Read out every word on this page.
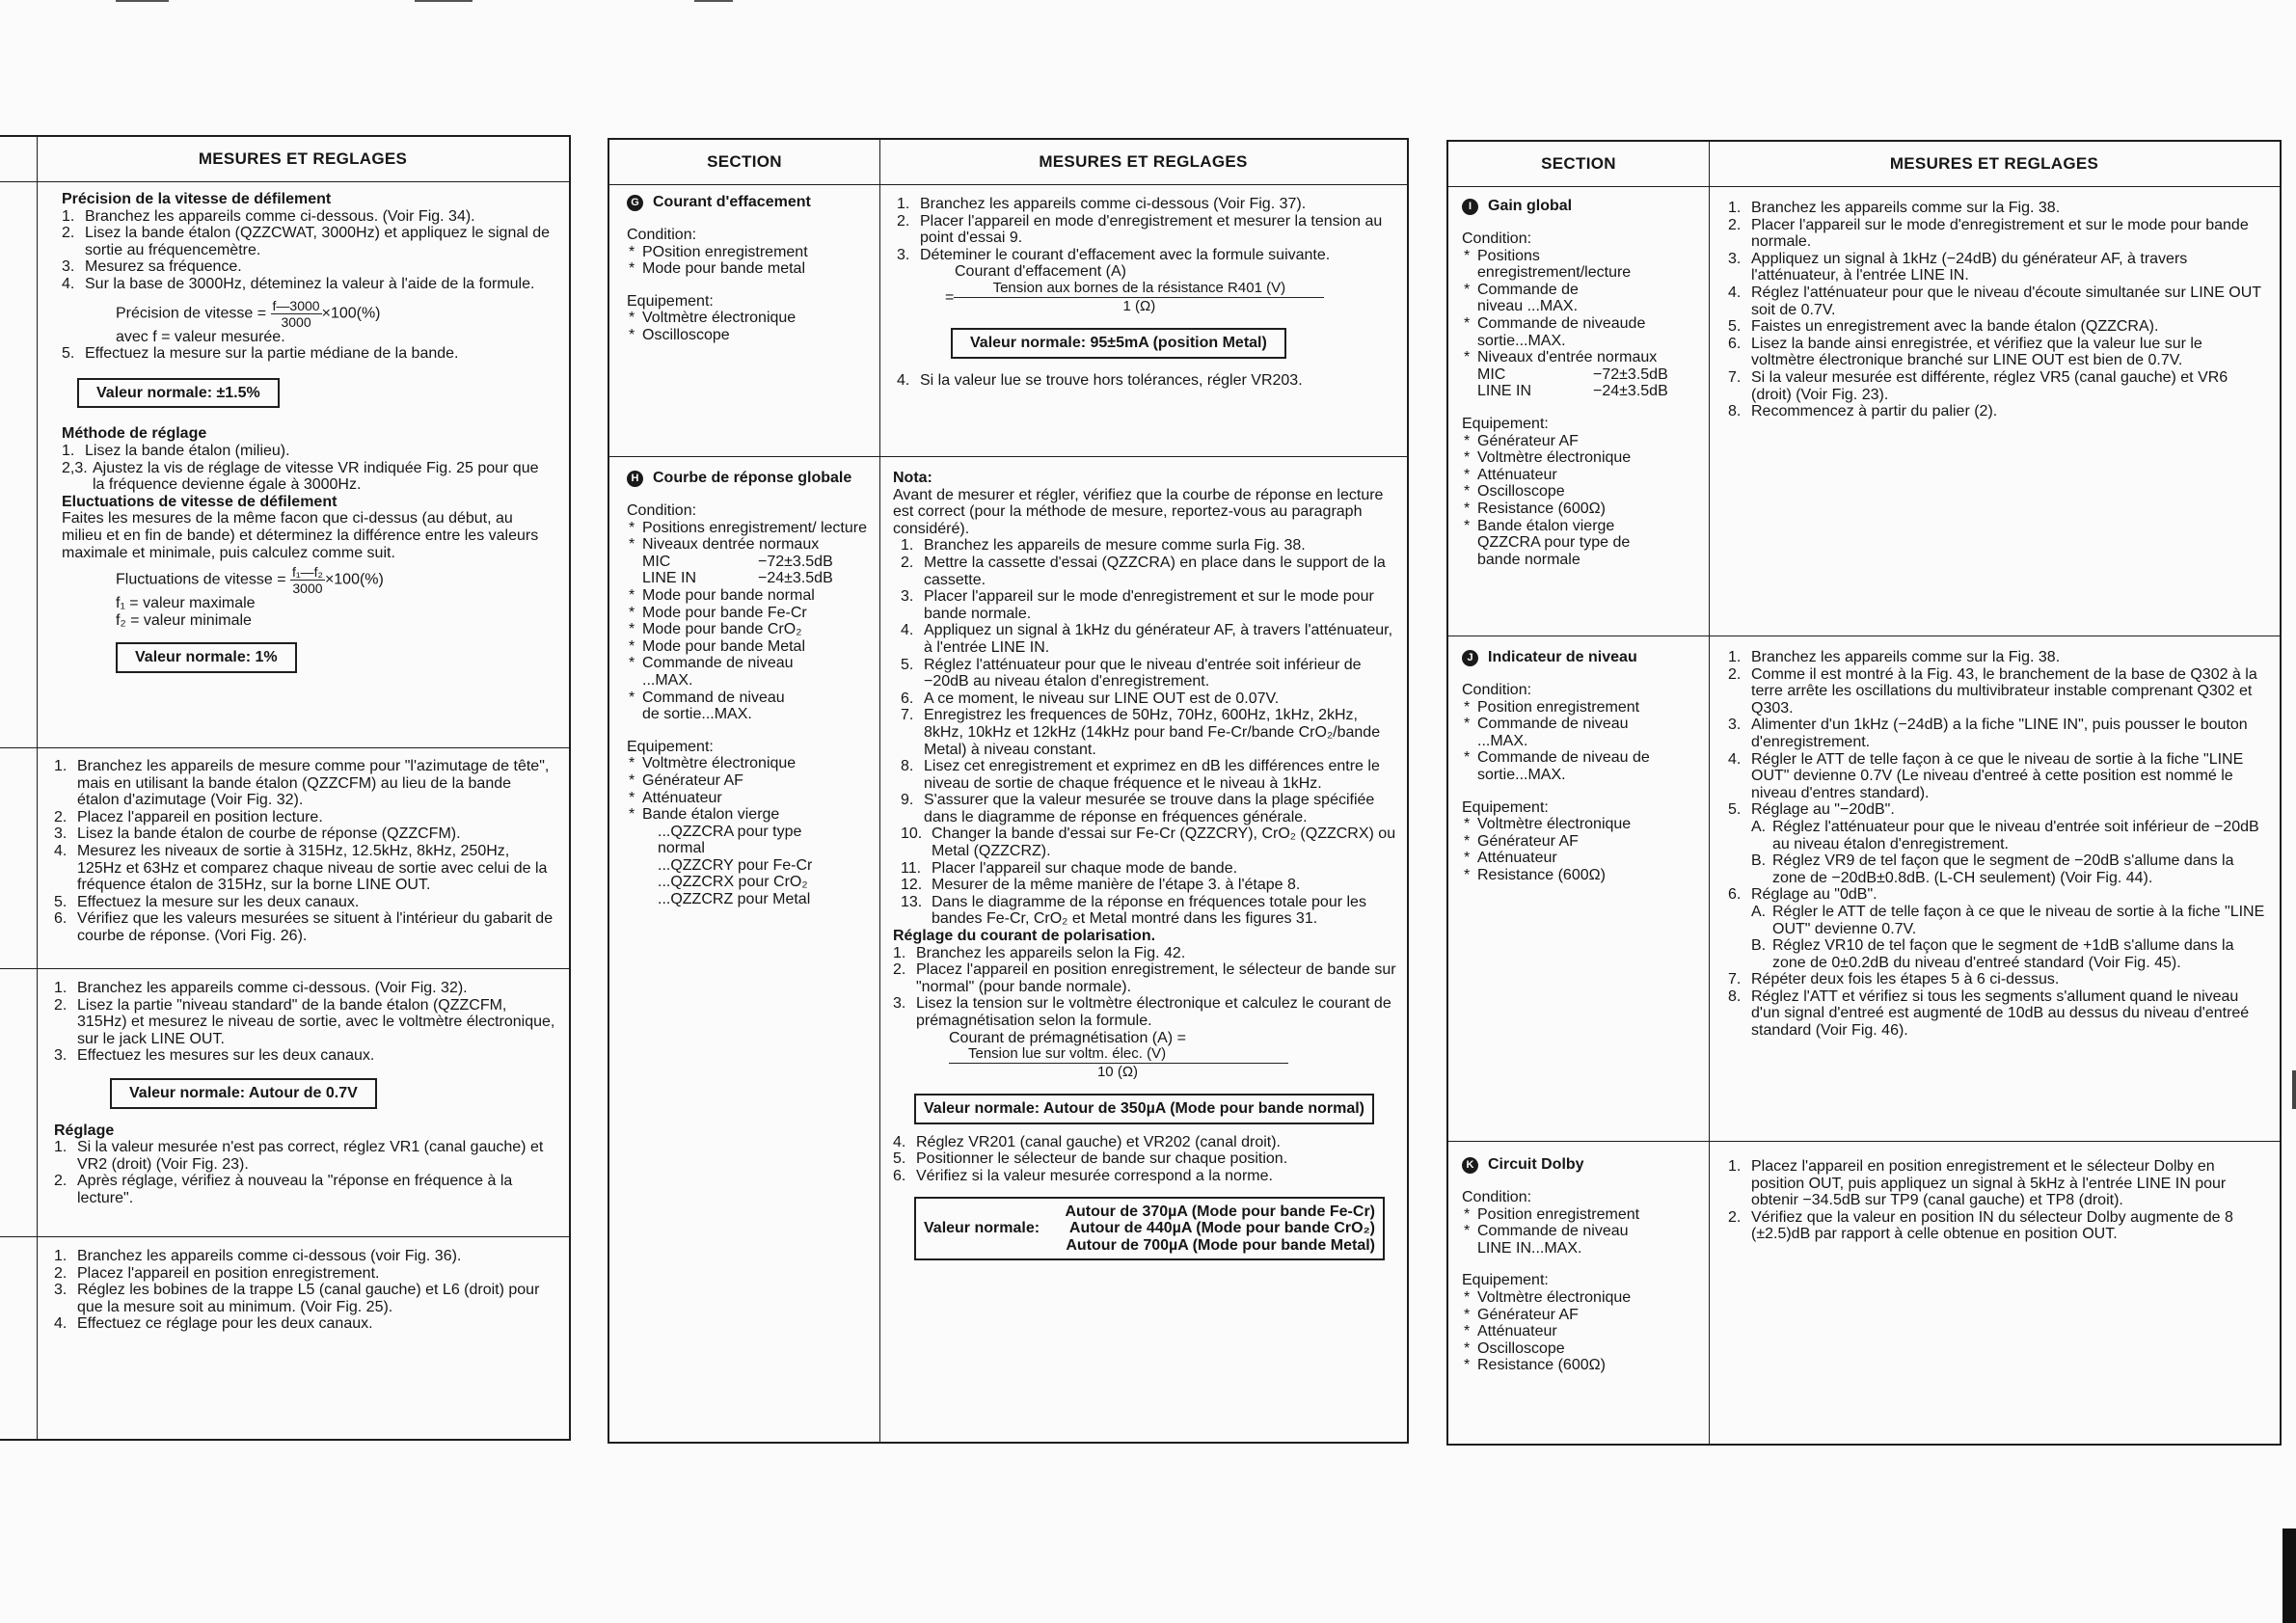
MESURES ET REGLAGES

Précision de la vitesse de défilement

1. Branchez les appareils comme ci-dessous. (Voir Fig. 34).
2. Lisez la bande étalon (QZZCWAT, 3000Hz) et appliquez le signal de sortie au fréquencemètre.
3. Mesurez sa fréquence.
4. Sur la base de 3000Hz, déteminez la valeur à l'aide de la formule.
Précision de vitesse = $\frac{f—3000}{3000} \times 100(\%)$

avec f = valeur mesurée.

5. Effectuez la mesure sur la partie médiane de la bande.
Valeur normale: ±1.5%

Méthode de réglage

1. Lisez la bande étalon (milieu).
2,3. Ajustez la vis de réglage de vitesse VR indiquée Fig. 25 pour que la fréquence devienne égale à 3000Hz.

Eluctuations de vitesse de défilement

Faites les mesures de la même facon que ci-dessus (au début, au milieu et en fin de bande) et déterminez la différence entre les valeurs maximale et minimale, puis calculez comme suit.

Fluctuations de vitesse = $\frac{\text{f₁—f₂}}{3000} \times 100(\%)$

f₁ = valeur maximale

f₂ = valeur minimale

Valeur normale: 1%
1. Branchez les appareils de mesure comme pour "l'azimutage de tête", mais en utilisant la bande étalon (QZZCFM) au lieu de la bande étalon d'azimutage (Voir Fig. 32).
2. Placez l'appareil en position lecture.
3. Lisez la bande étalon de courbe de réponse (QZZCFM).
4. Mesurez les niveaux de sortie à 315Hz, 12.5kHz, 8kHz, 250Hz, 125Hz et 63Hz et comparez chaque niveau de sortie avec celui de la fréquence étalon de 315Hz, sur la borne LINE OUT.
5. Effectuez la mesure sur les deux canaux.
6. Vérifiez que les valeurs mesurées se situent à l'intérieur du gabarit de courbe de réponse. (Vori Fig. 26).
1. Branchez les appareils comme ci-dessous. (Voir Fig. 32).
2. Lisez la partie "niveau standard" de la bande étalon (QZZCFM, 315Hz) et mesurez le niveau de sortie, avec le voltmètre électronique, sur le jack LINE OUT.
3. Effectuez les mesures sur les deux canaux.
Valeur normale: Autour de 0.7V

Réglage

1. Si la valeur mesurée n'est pas correct, réglez VR1 (canal gauche) et VR2 (droit) (Voir Fig. 23).
2. Après réglage, vérifiez à nouveau la "réponse en fréquence à la lecture".
1. Branchez les appareils comme ci-dessous (voir Fig. 36).
2. Placez l'appareil en position enregistrement.
3. Réglez les bobines de la trappe L5 (canal gauche) et L6 (droit) pour que la mesure soit au minimum. (Voir Fig. 25).
4. Effectuez ce réglage pour les deux canaux.
SECTION	MESURES ET REGLAGES
G Courant d'effacement

Condition:

* POsition enregistrement
* Mode pour bande metal

Equipement:

* Voltmètre électronique
* Oscilloscope
1. Branchez les appareils comme ci-dessous (Voir Fig. 37).
2. Placer l'appareil en mode d'enregistrement et mesurer la tension au point d'essai 9.
3. Déteminer le courant d'effacement avec la formule suivante.

Courant d'effacement (A)

= $\frac{\text{Tension aux bornes de la résistance R401 (V)}}{1 (\Omega)}$
Valeur normale: 95±5mA (position Metal)
4. Si la valeur lue se trouve hors tolérances, régler VR203.
H Courbe de réponse globale

Condition:

* Positions enregistrement/ lecture
* Niveaux dentrée normaux
MIC	−72±3.5dB
LINE IN	−24±3.5dB
* Mode pour bande normal
* Mode pour bande Fe-Cr
* Mode pour bande CrO₂
* Mode pour bande Metal
* Commande de niveau ...MAX.
* Command de niveau de sortie...MAX.

Equipement:

* Voltmètre électronique
* Générateur AF
* Atténuateur
* Bande étalon vierge

...QZZCRA pour type normal

...QZZCRY pour Fe-Cr

...QZZCRX pour CrO₂

...QZZCRZ pour Metal

Nota:

Avant de mesurer et régler, vérifiez que la courbe de réponse en lecture est correct (pour la méthode de mesure, reportez-vous au paragraph considéré).

1. Branchez les appareils de mesure comme surla Fig. 38.
2. Mettre la cassette d'essai (QZZCRA) en place dans le support de la cassette.
3. Placer l'appareil sur le mode d'enregistrement et sur le mode pour bande normale.
4. Appliquez un signal à 1kHz du générateur AF, à travers l'atténuateur, à l'entrée LINE IN.
5. Réglez l'atténuateur pour que le niveau d'entrée soit inférieur de −20dB au niveau étalon d'enregistrement.
6. A ce moment, le niveau sur LINE OUT est de 0.07V.
7. Enregistrez les frequences de 50Hz, 70Hz, 600Hz, 1kHz, 2kHz, 8kHz, 10kHz et 12kHz (14kHz pour band Fe-Cr/bande CrO₂/bande Metal) à niveau constant.
8. Lisez cet enregistrement et exprimez en dB les différences entre le niveau de sortie de chaque fréquence et le niveau à 1kHz.
9. S'assurer que la valeur mesurée se trouve dans la plage spécifiée dans le diagramme de réponse en fréquences générale.
10. Changer la bande d'essai sur Fe-Cr (QZZCRY), CrO₂ (QZZCRX) ou Metal (QZZCRZ).
11. Placer l'appareil sur chaque mode de bande.
12. Mesurer de la même manière de l'étape 3. à l'étape 8.
13. Dans le diagramme de la réponse en fréquences totale pour les bandes Fe-Cr, CrO₂ et Metal montré dans les figures 31.

Réglage du courant de polarisation.

1. Branchez les appareils selon la Fig. 42.
2. Placez l'appareil en position enregistrement, le sélecteur de bande sur "normal" (pour bande normale).
3. Lisez la tension sur le voltmètre électronique et calculez le courant de prémagnétisation selon la formule.

Courant de prémagnétisation (A) =

$\frac{\text{Tension lue sur voltm. élec. (V)}}{10 (\Omega)}$
Valeur normale: Autour de 350µA (Mode pour bande normal)
4. Réglez VR201 (canal gauche) et VR202 (canal droit).
5. Positionner le sélecteur de bande sur chaque position.
6. Vérifiez si la valeur mesurée correspond a la norme.
Valeur normale:
Autour de 370µA (Mode pour bande Fe-Cr)
Autour de 440µA (Mode pour bande CrO₂)
Autour de 700µA (Mode pour bande Metal)
SECTION	MESURES ET REGLAGES
I	Gain global

Condition:

* Positions enregistrement/lecture
* Commande de niveau ...MAX.
* Commande de niveaude sortie...MAX.
* Niveaux d'entrée normaux
MIC	−72±3.5dB
LINE IN	−24±3.5dB

Equipement:

* Générateur AF
* Voltmètre électronique
* Atténuateur
* Oscilloscope
* Resistance (600Ω)
* Bande étalon vierge QZZCRA pour type de bande normale
1. Branchez les appareils comme sur la Fig. 38.
2. Placer l'appareil sur le mode d'enregistrement et sur le mode pour bande normale.
3. Appliquez un signal à 1kHz (−24dB) du générateur AF, à travers l'atténuateur, à l'entrée LINE IN.
4. Réglez l'atténuateur pour que le niveau d'écoute simultanée sur LINE OUT soit de 0.7V.
5. Faistes un enregistrement avec la bande étalon (QZZCRA).
6. Lisez la bande ainsi enregistrée, et vérifiez que la valeur lue sur le voltmètre électronique branché sur LINE OUT est bien de 0.7V.
7. Si la valeur mesurée est différente, réglez VR5 (canal gauche) et VR6 (droit) (Voir Fig. 23).
8. Recommencez à partir du palier (2).
J Indicateur de niveau

Condition:

* Position enregistrement
* Commande de niveau ...MAX.
* Commande de niveau de sortie...MAX.

Equipement:

* Voltmètre électronique
* Générateur AF
* Atténuateur
* Resistance (600Ω)
1. Branchez les appareils comme sur la Fig. 38.
2. Comme il est montré à la Fig. 43, le branchement de la base de Q302 à la terre arrête les oscillations du multivibrateur instable comprenant Q302 et Q303.
3. Alimenter d'un 1kHz (−24dB) a la fiche "LINE IN", puis pousser le bouton d'enregistrement.
4. Régler le ATT de telle façon à ce que le niveau de sortie à la fiche "LINE OUT" devienne 0.7V (Le niveau d'entreé à cette position est nommé le niveau d'entres standard).
5. Réglage au "−20dB".
A. Réglez l'atténuateur pour que le niveau d'entrée soit inférieur de −20dB au niveau étalon d'enregistrement.
B. Réglez VR9 de tel façon que le segment de −20dB s'allume dans la zone de −20dB±0.8dB. (L-CH seulement) (Voir Fig. 44).
6. Réglage au "0dB".
A. Régler le ATT de telle façon à ce que le niveau de sortie à la fiche "LINE OUT" devienne 0.7V.
B. Réglez VR10 de tel façon que le segment de +1dB s'allume dans la zone de 0±0.2dB du niveau d'entreé standard (Voir Fig. 45).
7. Répéter deux fois les étapes 5 à 6 ci-dessus.
8. Réglez l'ATT et vérifiez si tous les segments s'allument quand le niveau d'un signal d'entreé est augmenté de 10dB au dessus du niveau d'entreé standard (Voir Fig. 46).
K Circuit Dolby

Condition:

* Position enregistrement
* Commande de niveau LINE IN...MAX.

Equipement:

* Voltmètre électronique
* Générateur AF
* Atténuateur
* Oscilloscope
* Resistance (600Ω)
1. Placez l'appareil en position enregistrement et le sélecteur Dolby en position OUT, puis appliquez un signal à 5kHz à l'entrée LINE IN pour obtenir −34.5dB sur TP9 (canal gauche) et TP8 (droit).
2. Vérifiez que la valeur en position IN du sélecteur Dolby augmente de 8 (±2.5)dB par rapport à celle obtenue en position OUT.
